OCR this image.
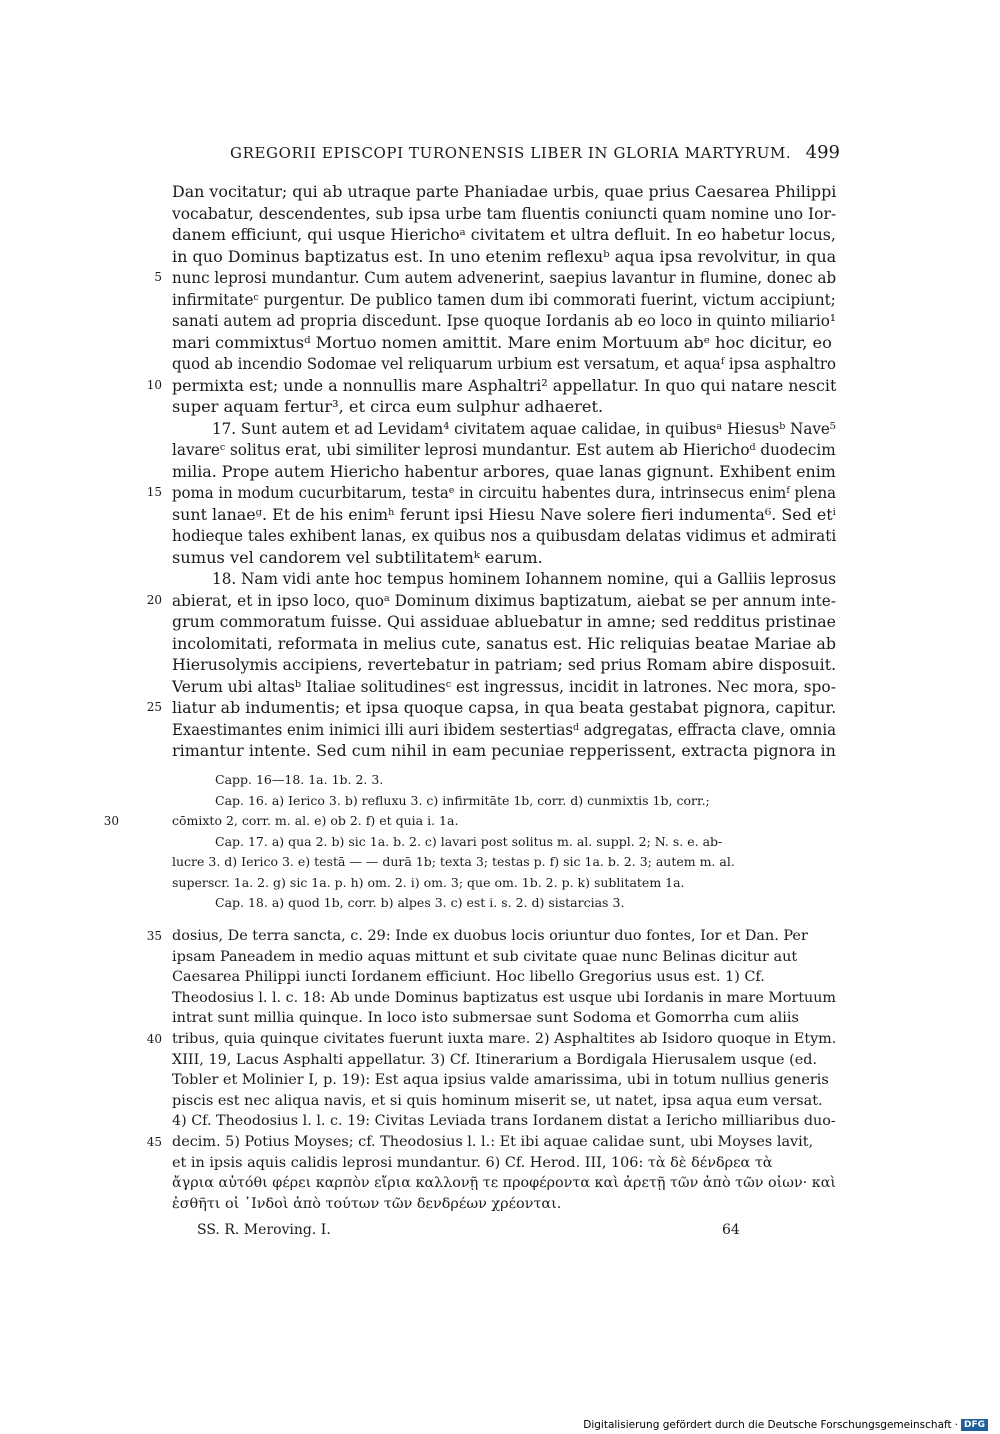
GREGORII EPISCOPI TURONENSIS LIBER IN GLORIA MARTYRUM. 499
Dan vocitatur; qui ab utraque parte Phaniadae urbis, quae prius Caesarea Philippi
vocabatur, descendentes, sub ipsa urbe tam fluentis coniuncti quam nomine uno Ior-
danem efficiunt, qui usque Hierichoᵃ civitatem et ultra defluit. In eo habetur locus,
in quo Dominus baptizatus est. In uno etenim reflexuᵇ aqua ipsa revolvitur, in qua
5 nunc leprosi mundantur. Cum autem advenerint, saepius lavantur in flumine, donec ab
infirmitateᶜ purgentur. De publico tamen dum ibi commorati fuerint, victum accipiunt;
sanati autem ad propria discedunt. Ipse quoque Iordanis ab eo loco in quinto miliario¹
mari commixtusᵈ Mortuo nomen amittit. Mare enim Mortuum abᵉ hoc dicitur, eo
quod ab incendio Sodomae vel reliquarum urbium est versatum, et aquaᶠ ipsa asphaltro
10 permixta est; unde a nonnullis mare Asphaltri² appellatur. In quo qui natare nescit
super aquam fertur³, et circa eum sulphur adhaeret.
17. Sunt autem et ad Levidam⁴ civitatem aquae calidae, in quibusᵃ Hiesusᵇ Nave⁵
lavareᶜ solitus erat, ubi similiter leprosi mundantur. Est autem ab Hierichoᵈ duodecim
milia. Prope autem Hiericho habentur arbores, quae lanas gignunt. Exhibent enim
15 poma in modum cucurbitarum, testaᵉ in circuitu habentes dura, intrinsecus enimᶠ plena
sunt lanaeᵍ. Et de his enimʰ ferunt ipsi Hiesu Nave solere fieri indumenta⁶. Sed etⁱ
hodieque tales exhibent lanas, ex quibus nos a quibusdam delatas vidimus et admirati
sumus vel candorem vel subtilitatemᵏ earum.
18. Nam vidi ante hoc tempus hominem Iohannem nomine, qui a Galliis leprosus
20 abierat, et in ipso loco, quoᵃ Dominum diximus baptizatum, aiebat se per annum inte-
grum commoratum fuisse. Qui assiduae abluebatur in amne; sed redditus pristinae
incolomitati, reformata in melius cute, sanatus est. Hic reliquias beatae Mariae ab
Hierusolymis accipiens, revertebatur in patriam; sed prius Romam abire disposuit.
Verum ubi altasᵇ Italiae solitudinesᶜ est ingressus, incidit in latrones. Nec mora, spo-
25 liatur ab indumentis; et ipsa quoque capsa, in qua beata gestabat pignora, capitur.
Exaestimantes enim inimici illi auri ibidem sestertiasᵈ adgregatas, effracta clave, omnia
rimantur intente. Sed cum nihil in eam pecuniae repperissent, extracta pignora in
Capp. 16—18. 1a. 1b. 2. 3.
Cap. 16. a) Ierico 3. b) refluxu 3. c) infirmitāte 1b, corr. d) cunmixtis 1b, corr.;
30	cōmixto 2, corr. m. al. e) ob 2. f) et quia i. 1a.
Cap. 17. a) qua 2. b) sic 1a. b. 2. c) lavari post solitus m. al. suppl. 2; N. s. e. ab-
lucre 3. d) Ierico 3. e) testā — — durā 1b; texta 3; testas p. f) sic 1a. b. 2. 3; autem m. al.
superscr. 1a. 2. g) sic 1a. p. h) om. 2. i) om. 3; que om. 1b. 2. p. k) sublitatem 1a.
Cap. 18. a) quod 1b, corr. b) alpes 3. c) est i. s. 2. d) sistarcias 3.
35 dosius, De terra sancta, c. 29: Inde ex duobus locis oriuntur duo fontes, Ior et Dan. Per
ipsam Paneadem in medio aquas mittunt et sub civitate quae nunc Belinas dicitur aut
Caesarea Philippi iuncti Iordanem efficiunt. Hoc libello Gregorius usus est. 1) Cf.
Theodosius l. l. c. 18: Ab unde Dominus baptizatus est usque ubi Iordanis in mare Mortuum
intrat sunt millia quinque. In loco isto submersae sunt Sodoma et Gomorrha cum aliis
40 tribus, quia quinque civitates fuerunt iuxta mare. 2) Asphaltites ab Isidoro quoque in Etym.
XIII, 19, Lacus Asphalti appellatur. 3) Cf. Itinerarium a Bordigala Hierusalem usque (ed.
Tobler et Molinier I, p. 19): Est aqua ipsius valde amarissima, ubi in totum nullius generis
piscis est nec aliqua navis, et si quis hominum miserit se, ut natet, ipsa aqua eum versat.
4) Cf. Theodosius l. l. c. 19: Civitas Leviada trans Iordanem distat a Ierіcho milliaribus duo-
45 decim. 5) Potius Moyses; cf. Theodosius l. l.: Et ibi aquae calidae sunt, ubi Moyses lavit,
et in ipsis aquis calidis leprosi mundantur. 6) Cf. Herod. III, 106: τὰ δὲ δένδρεα τὰ
ἄγρια αὐτόθι φέρει καρπὸν εἴρια καλλονῇ τε προφέροντα καὶ ἀρετῇ τῶν ἀπὸ τῶν οἰων· καὶ
ἐσθῆτι οἱ ᾿Ινδοὶ ἀπὸ τούτων τῶν δενδρέων χρέονται.
SS. R. Meroving. I.	64
Digitalisierung gefördert durch die Deutsche Forschungsgemeinschaft · DFG
